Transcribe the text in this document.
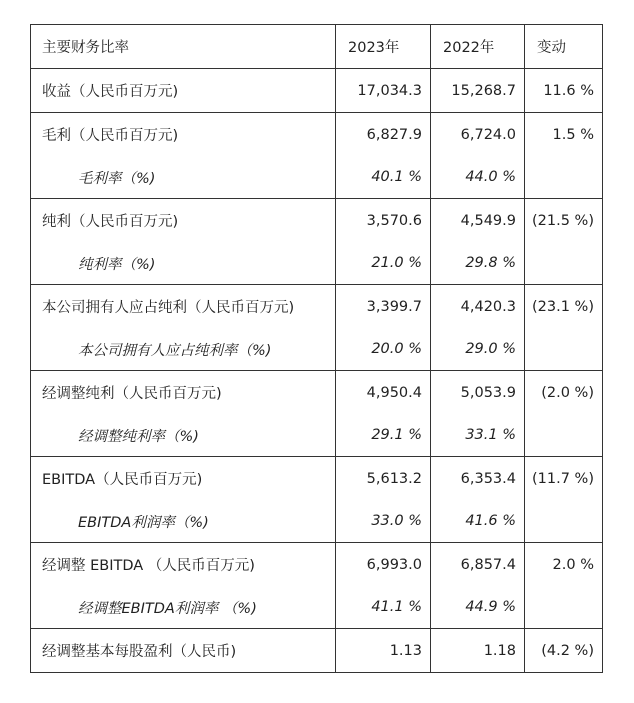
主要财务比率	2023年	2022年	变动
收益（人民币百万元)	17,034.3	15,268.7	11.6 %
毛利（人民币百万元)	6,827.9	6,724.0	1.5 %
毛利率（%)	40.1 %	44.0 %	
纯利（人民币百万元)	3,570.6	4,549.9	(21.5 %)
纯利率（%)	21.0 %	29.8 %	
本公司拥有人应占纯利（人民币百万元)	3,399.7	4,420.3	(23.1 %)
本公司拥有人应占纯利率（%)	20.0 %	29.0 %	
经调整纯利（人民币百万元)	4,950.4	5,053.9	(2.0 %)
经调整纯利率（%)	29.1 %	33.1 %	
EBITDA（人民币百万元)	5,613.2	6,353.4	(11.7 %)
EBITDA利润率（%)	33.0 %	41.6 %	
经调整 EBITDA （人民币百万元)	6,993.0	6,857.4	2.0 %
经调整EBITDA利润率 （%)	41.1 %	44.9 %	
经调整基本每股盈利（人民币)	1.13	1.18	(4.2 %)
